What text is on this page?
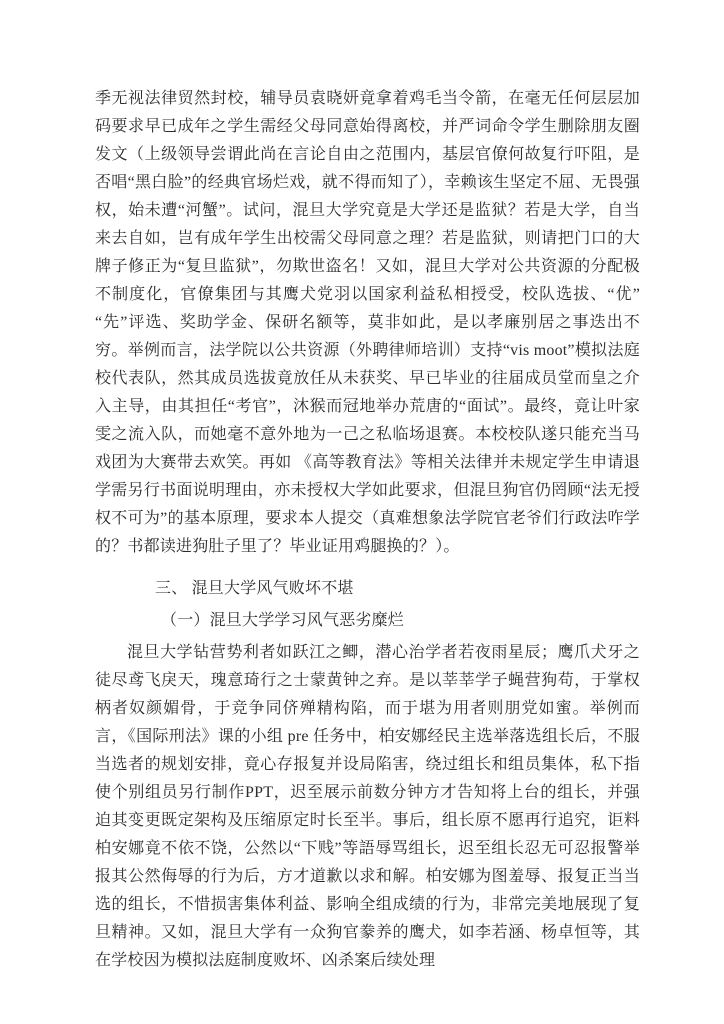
季无视法律贸然封校，辅导员袁晓妍竟拿着鸡毛当令箭，在毫无任何层层加码要求早已成年之学生需经父母同意始得离校，并严词命令学生删除朋友圈发文（上级领导尝谓此尚在言论自由之范围内，基层官僚何故复行吓阻，是否唱“黑白脸”的经典官场烂戏，就不得而知了），幸赖该生坚定不屈、无畏强权，始未遭“河蟹”。试问，混旦大学究竟是大学还是监狱？若是大学，自当来去自如，岂有成年学生出校需父母同意之理？若是监狱，则请把门口的大牌子修正为“复旦监狱”，勿欺世盗名！又如，混旦大学对公共资源的分配极不制度化，官僚集团与其鹰犬党羽以国家利益私相授受，校队选拔、“优”“先”评选、奖助学金、保研名额等，莫非如此，是以孝廉别居之事迭出不穷。举例而言，法学院以公共资源（外聘律师培训）支持“vis moot”模拟法庭校代表队，然其成员选拔竟放任从未获奖、早已毕业的往届成员堂而皇之介入主导，由其担任“考官”，沐猴而冠地举办荒唐的“面试”。最终，竟让叶家雯之流入队，而她毫不意外地为一己之私临场退赛。本校校队遂只能充当马戏团为大赛带去欢笑。再如 《高等教育法》等相关法律并未规定学生申请退学需另行书面说明理由，亦未授权大学如此要求，但混旦狗官仍罔顾“法无授权不可为”的基本原理，要求本人提交（真难想象法学院官老爷们行政法咋学的？书都读进狗肚子里了？毕业证用鸡腿换的？）。

三、 混旦大学风气败坏不堪
（一）混旦大学学习风气恶劣糜烂

混旦大学钻营势利者如跃江之鲫，潜心治学者若夜雨星辰；鹰爪犬牙之徒尽鸢飞戾天，瑰意琦行之士蒙黄钟之弃。是以莘莘学子蝇营狗苟，于掌权柄者奴颜媚骨，于竞争同侪殚精构陷，而于堪为用者则朋党如蜜。举例而言，《国际刑法》课的小组 pre 任务中，柏安娜经民主选举落选组长后，不服当选者的规划安排，竟心存报复并设局陷害，绕过组长和组员集体，私下指使个别组员另行制作PPT，迟至展示前数分钟方才告知将上台的组长，并强迫其变更既定架构及压缩原定时长至半。事后，组长原不愿再行追究，讵料柏安娜竟不依不饶，公然以“下贱”等語辱骂组长，迟至组长忍无可忍报警举报其公然侮辱的行为后，方才道歉以求和解。柏安娜为图羞辱、报复正当当选的组长，不惜损害集体利益、影响全组成绩的行为，非常完美地展现了复旦精神。又如，混旦大学有一众狗官豢养的鹰犬，如李若涵、杨卓恒等，其在学校因为模拟法庭制度败坏、凶杀案后续处理
